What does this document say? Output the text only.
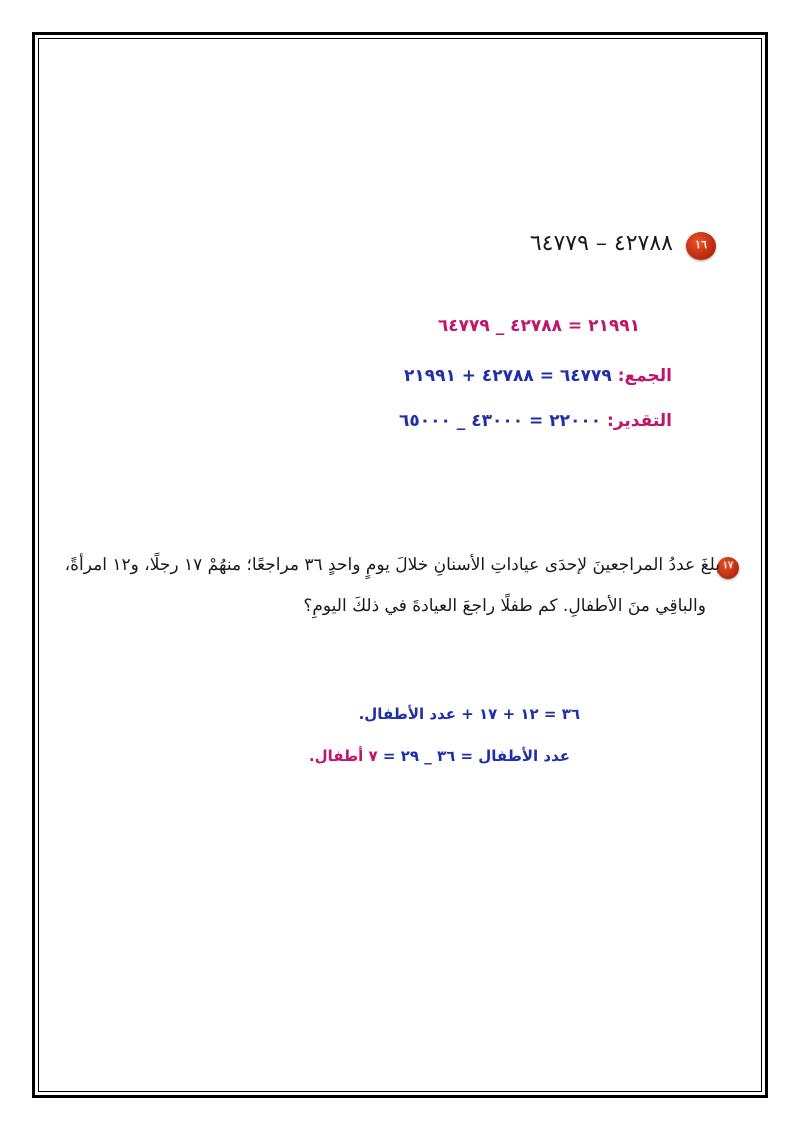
١٦
٤٢٧٨٨ – ٦٤٧٧٩
٢١٩٩١ = ٤٢٧٨٨ _ ٦٤٧٧٩
الجمع: ٦٤٧٧٩ = ٤٢٧٨٨ + ٢١٩٩١
التقدير: ٢٢٠٠٠ = ٤٣٠٠٠ _ ٦٥٠٠٠
١٧
بلغَ عددُ المراجعينَ لإحدَى عياداتِ الأسنانِ خلالَ يومٍ واحدٍ ٣٦ مراجعًا؛ منهُمْ ١٧ رجلًا، و١٢ امرأةً،
والباقِي منَ الأطفالِ. كم طفلًا راجعَ العيادةَ في ذلكَ اليومِ؟
٣٦ = ١٢ + ١٧ + عدد الأطفال.
عدد الأطفال = ٣٦ _ ٢٩ = ٧ أطفال.
